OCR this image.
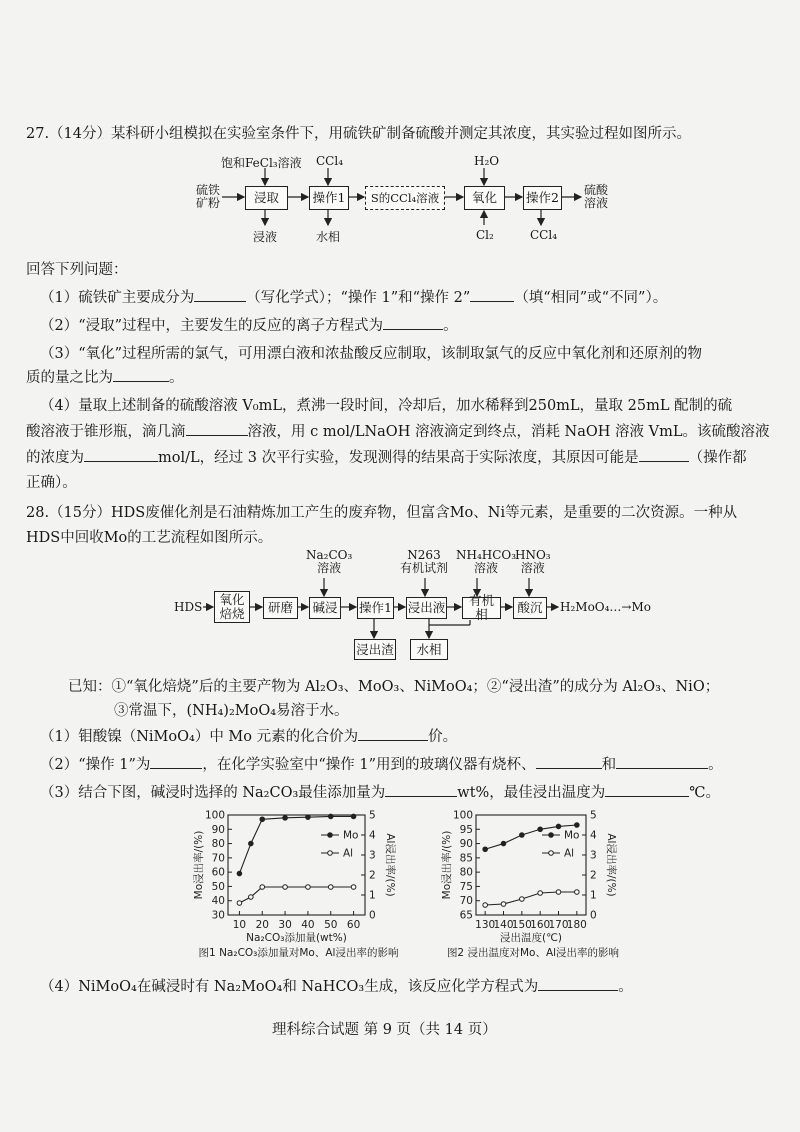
27.（14分）某科研小组模拟在实验室条件下，用硫铁矿制备硫酸并测定其浓度，其实验过程如图所示。
硫铁
矿粉	浸取	操作1	S的CCl₄溶液	氧化	操作2 硫酸
溶液
饱和FeCl₃溶液 CCl₄	H₂O
浸液	水相	Cl₂	CCl₄
回答下列问题：
（1）硫铁矿主要成分为	（写化学式）；“操作 1”和“操作 2”	（填“相同”或“不同”）。
（2）“浸取”过程中，主要发生的反应的离子方程式为	。
（3）“氧化”过程所需的氯气，可用漂白液和浓盐酸反应制取，该制取氯气的反应中氧化剂和还原剂的物
质的量之比为	。
（4）量取上述制备的硫酸溶液 V₀mL，煮沸一段时间，冷却后，加水稀释到250mL，量取 25mL 配制的硫
酸溶液于锥形瓶，滴几滴	溶液，用 c mol/LNaOH 溶液滴定到终点，消耗 NaOH 溶液 VmL。该硫酸溶液
的浓度为	mol/L，经过 3 次平行实验，发现测得的结果高于实际浓度，其原因可能是	（操作都
正确）。
28.（15分）HDS废催化剂是石油精炼加工产生的废弃物，但富含Mo、Ni等元素，是重要的二次资源。一种从
HDS中回收Mo的工艺流程如图所示。
HDS	氧化
焙烧	研磨	碱浸 操作1 浸出液	有机相	酸沉	H₂MoO₄…→Mo
Na₂CO₃
溶液
N263
有机试剂
NH₄HCO₃
溶液
HNO₃
溶液
浸出渣	水相
已知：①“氧化焙烧”后的主要产物为 Al₂O₃、MoO₃、NiMoO₄；②“浸出渣”的成分为 Al₂O₃、NiO；
③常温下，(NH₄)₂MoO₄易溶于水。
（1）钼酸镍（NiMoO₄）中 Mo 元素的化合价为	价。
（2）“操作 1”为	，在化学实验室中“操作 1”用到的玻璃仪器有烧杯、	和	。
（3）结合下图，碱浸时选择的 Na₂CO₃最佳添加量为	wt%，最佳浸出温度为	℃。
30
40
50
60
70
80
90
100
0
1
2
3
4
5
10 20 30 40 50 60
Na₂CO₃添加量(wt%)
Mo浸出率/(%)	Al浸出率/(%)
图1 Na₂CO₃添加量对Mo、Al浸出率的影响
Mo
Al
65
70
75
80
85
90
95
100
0
1
2
3
4
5
130
140
150
160
170
180
浸出温度(℃)
Mo浸出率/(%)	Al浸出率/(%)
图2 浸出温度对Mo、Al浸出率的影响
Mo
Al
（4）NiMoO₄在碱浸时有 Na₂MoO₄和 NaHCO₃生成，该反应化学方程式为	。
理科综合试题 第 9 页（共 14 页）
